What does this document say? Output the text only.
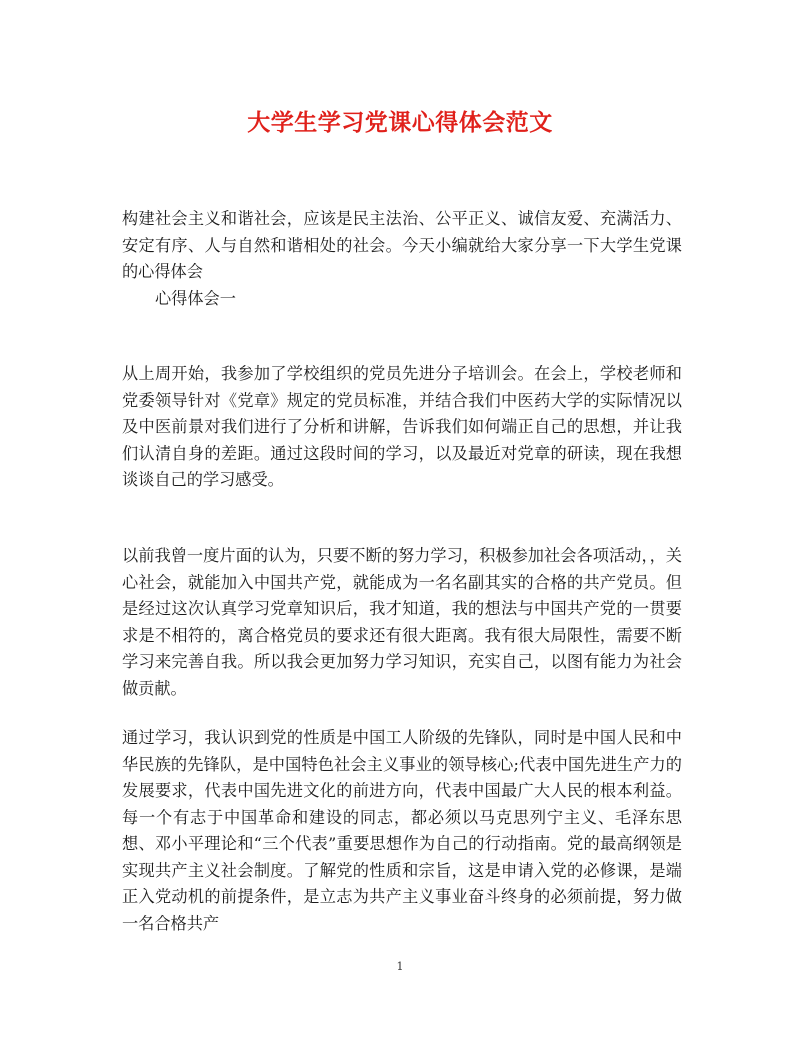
大学生学习党课心得体会范文
构建社会主义和谐社会，应该是民主法治、公平正义、诚信友爱、充满活力、安定有序、人与自然和谐相处的社会。今天小编就给大家分享一下大学生党课的心得体会
心得体会一
从上周开始，我参加了学校组织的党员先进分子培训会。在会上，学校老师和党委领导针对《党章》规定的党员标准，并结合我们中医药大学的实际情况以及中医前景对我们进行了分析和讲解，告诉我们如何端正自己的思想，并让我们认清自身的差距。通过这段时间的学习，以及最近对党章的研读，现在我想谈谈自己的学习感受。
以前我曾一度片面的认为，只要不断的努力学习，积极参加社会各项活动，，关心社会，就能加入中国共产党，就能成为一名名副其实的合格的共产党员。但是经过这次认真学习党章知识后，我才知道，我的想法与中国共产党的一贯要求是不相符的，离合格党员的要求还有很大距离。我有很大局限性，需要不断学习来完善自我。所以我会更加努力学习知识，充实自己，以图有能力为社会做贡献。
通过学习，我认识到党的性质是中国工人阶级的先锋队，同时是中国人民和中华民族的先锋队，是中国特色社会主义事业的领导核心;代表中国先进生产力的发展要求，代表中国先进文化的前进方向，代表中国最广大人民的根本利益。每一个有志于中国革命和建设的同志，都必须以马克思列宁主义、毛泽东思想、邓小平理论和“三个代表”重要思想作为自己的行动指南。党的最高纲领是实现共产主义社会制度。了解党的性质和宗旨，这是申请入党的必修课，是端正入党动机的前提条件，是立志为共产主义事业奋斗终身的必须前提，努力做一名合格共产
1
